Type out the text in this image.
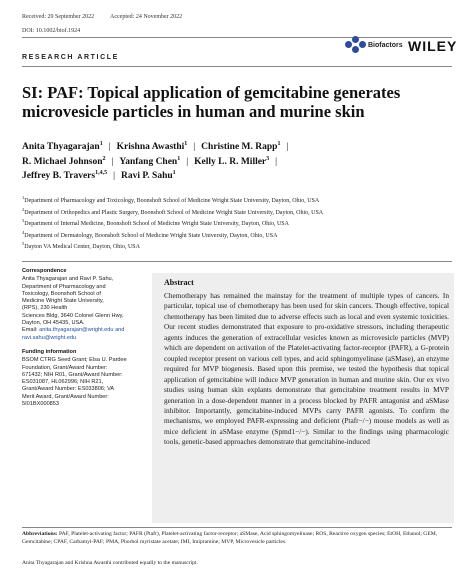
Received: 29 September 2022	Accepted: 24 November 2022
DOI: 10.1002/biof.1924
Biofactors WILEY
RESEARCH ARTICLE
SI: PAF: Topical application of gemcitabine generates microvesicle particles in human and murine skin
Anita Thyagarajan$^1$ | Krishna Awasthi$^1$ | Christine M. Rapp$^1$ |
R. Michael Johnson$^2$ | Yanfang Chen$^1$ | Kelly L. R. Miller$^3$ |
Jeffrey B. Travers$^{1,4,5}$ | Ravi P. Sahu$^1$
$^1$Department of Pharmacology and Toxicology, Boonshoft School of Medicine Wright State University, Dayton, Ohio, USA
$^2$Department of Orthopedics and Plastic Surgery, Boonshoft School of Medicine Wright State University, Dayton, Ohio, USA
$^3$Department of Internal Medicine, Boonshoft School of Medicine Wright State University, Dayton, Ohio, USA
$^4$Department of Dermatology, Boonshoft School of Medicine Wright State University, Dayton, Ohio, USA
$^5$Dayton VA Medical Center, Dayton, Ohio, USA
Correspondence
Anita Thyagarajan and Ravi P. Sahu,
Department of Pharmacology and
Toxicology, Boonshoft School of
Medicine Wright State University,
(RPS), 230 Health
Sciences Bldg, 3640 Colonel Glenn Hwy,
Dayton, OH 45435, USA.
Email: anita.thyagarajan@wright.edu and
ravi.sahu@wright.edu
Funding information
BSOM CTRG Seed Grant; Elsa U. Pardee
Foundation, Grant/Award Number:
671432; NIH R01, Grant/Award Number:
ES031087, HL062996; NIH R21,
Grant/Award Number: ES033806; VA
Merit Award, Grant/Award Number:
5I01BX000853
Abstract
Chemotherapy has remained the mainstay for the treatment of multiple types of cancers. In particular, topical use of chemotherapy has been used for skin cancers. Though effective, topical chemotherapy has been limited due to adverse effects such as local and even systemic toxicities. Our recent studies demonstrated that exposure to pro-oxidative stressors, including therapeutic agents induces the generation of extracellular vesicles known as microvesicle particles (MVP) which are dependent on activation of the Platelet-activating factor-receptor (PAFR), a G-protein coupled receptor present on various cell types, and acid sphingomyelinase (aSMase), an enzyme required for MVP biogenesis. Based upon this premise, we tested the hypothesis that topical application of gemcitabine will induce MVP generation in human and murine skin. Our ex vivo studies using human skin explants demonstrate that gemcitabine treatment results in MVP generation in a dose-dependent manner in a process blocked by PAFR antagonist and aSMase inhibitor. Importantly, gemcitabine-induced MVPs carry PAFR agonists. To confirm the mechanisms, we employed PAFR-expressing and deficient (Ptafr−/−) mouse models as well as mice deficient in aSMase enzyme (Spmd1−/−). Similar to the findings using pharmacologic tools, genetic-based approaches demonstrate that gemcitabine-induced
Abbreviations: PAF, Platelet-activating factor; PAFR (Ptafr), Platelet-activating factor-receptor; aSMase, Acid sphingomyelinase; ROS, Reactive oxygen species; EtOH, Ethanol; GEM, Gemcitabine; CPAF, Carbamyl-PAF; PMA, Phorbol myristate acetate; IMI, Imipramine; MVP, Microvesicle particles.
Anita Thyagarajan and Krishna Awasthi contributed equally to the manuscript.
